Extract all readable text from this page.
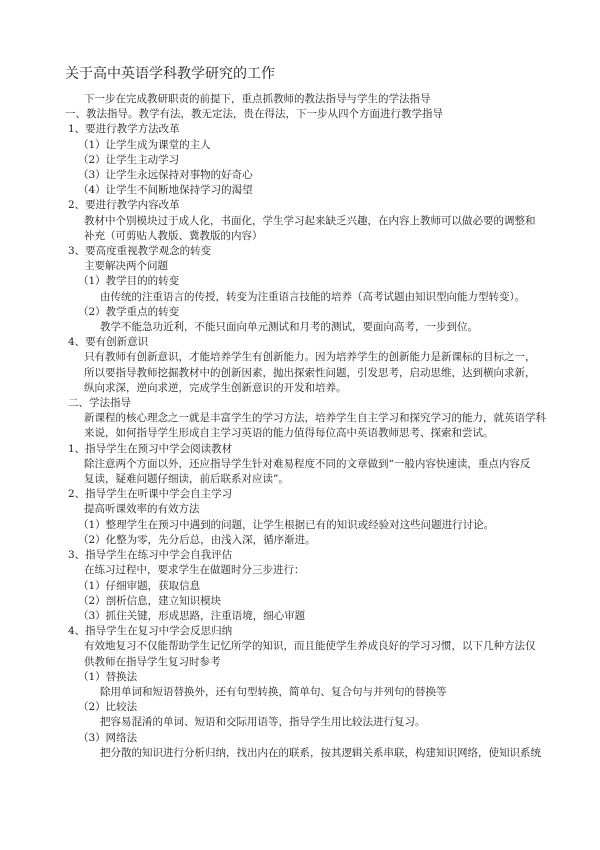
关于高中英语学科教学研究的工作
下一步在完成教研职责的前提下，重点抓教师的教法指导与学生的学法指导
一、教法指导。教学有法，教无定法，贵在得法，下一步从四个方面进行教学指导
1、要进行教学方法改革
（1）让学生成为课堂的主人
（2）让学生主动学习
（3）让学生永远保持对事物的好奇心
（4）让学生不间断地保持学习的渴望
2、要进行教学内容改革
教材中个别模块过于成人化，书面化，学生学习起来缺乏兴趣，在内容上教师可以做必要的调整和
补充（可剪贴人教版、冀教版的内容）
3、要高度重视教学观念的转变
主要解决两个问题
（1）教学目的的转变
由传统的注重语言的传授，转变为注重语言技能的培养（高考试题由知识型向能力型转变）。
（2）教学重点的转变
教学不能急功近利，不能只面向单元测试和月考的测试，要面向高考，一步到位。
4、要有创新意识
只有教师有创新意识，才能培养学生有创新能力。因为培养学生的创新能力是新课标的目标之一，
所以要指导教师挖掘教材中的创新因素，抛出探索性问题，引发思考，启动思维，达到横向求新，
纵向求深，逆向求逆，完成学生创新意识的开发和培养。
二、学法指导
新课程的核心理念之一就是丰富学生的学习方法，培养学生自主学习和探究学习的能力，就英语学科
来说，如何指导学生形成自主学习英语的能力值得每位高中英语教师思考、探索和尝试。
1、指导学生在预习中学会阅读教材
除注意两个方面以外，还应指导学生针对难易程度不同的文章做到“一般内容快速读，重点内容反
复读，疑难问题仔细读，前后联系对应读”。
2、指导学生在听课中学会自主学习
提高听课效率的有效方法
（1）整理学生在预习中遇到的问题，让学生根据已有的知识或经验对这些问题进行讨论。
（2）化整为零，先分后总，由浅入深，循序渐进。
3、指导学生在练习中学会自我评估
在练习过程中，要求学生在做题时分三步进行：
（1）仔细审题，获取信息
（2）剖析信息，建立知识模块
（3）抓住关键，形成思路，注重语境，细心审题
4、指导学生在复习中学会反思归纳
有效地复习不仅能帮助学生记忆所学的知识，而且能使学生养成良好的学习习惯，以下几种方法仅
供教师在指导学生复习时参考
（1）替换法
除用单词和短语替换外，还有句型转换，简单句、复合句与并列句的替换等
（2）比较法
把容易混淆的单词、短语和交际用语等，指导学生用比较法进行复习。
（3）网络法
把分散的知识进行分析归纳，找出内在的联系，按其逻辑关系串联，构建知识网络，使知识系统
